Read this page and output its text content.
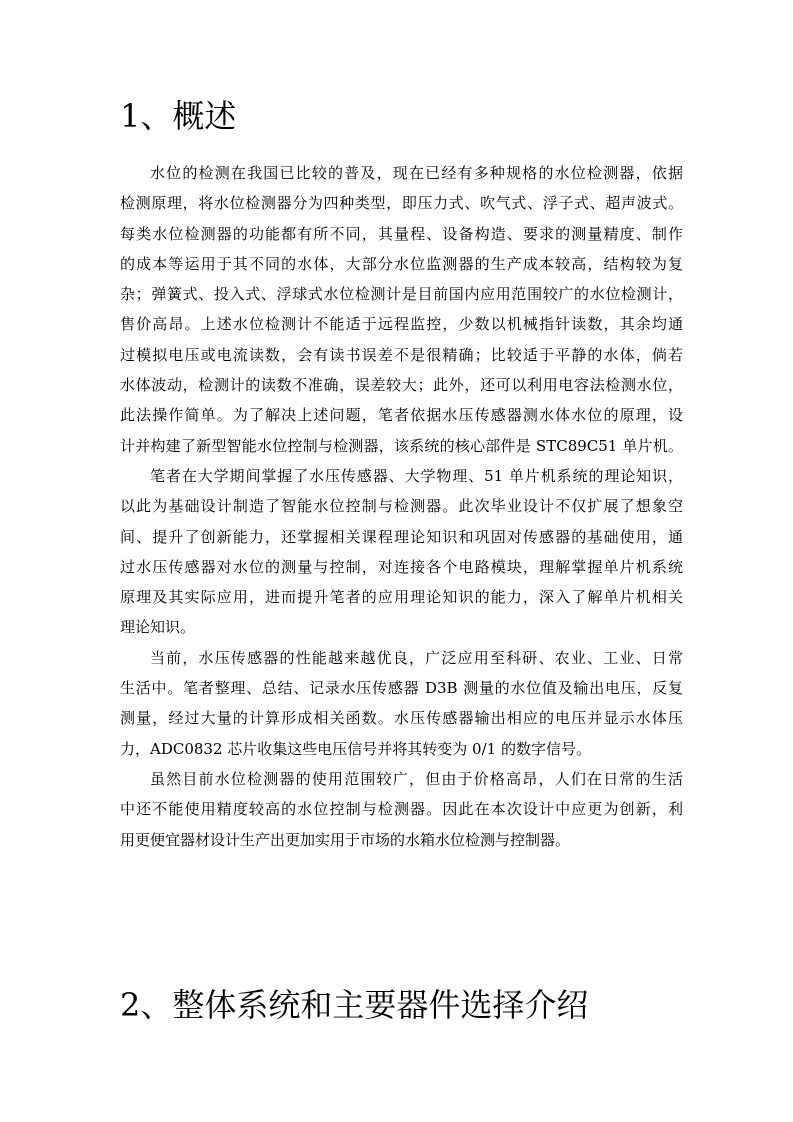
1、概述

水位的检测在我国已比较的普及，现在已经有多种规格的水位检测器，依据
检测原理，将水位检测器分为四种类型，即压力式、吹气式、浮子式、超声波式。
每类水位检测器的功能都有所不同，其量程、设备构造、要求的测量精度、制作
的成本等运用于其不同的水体，大部分水位监测器的生产成本较高，结构较为复
杂；弹簧式、投入式、浮球式水位检测计是目前国内应用范围较广的水位检测计，
售价高昂。上述水位检测计不能适于远程监控，少数以机械指针读数，其余均通
过模拟电压或电流读数，会有读书误差不是很精确；比较适于平静的水体，倘若
水体波动，检测计的读数不准确，误差较大；此外，还可以利用电容法检测水位，
此法操作简单。为了解决上述问题，笔者依据水压传感器测水体水位的原理，设
计并构建了新型智能水位控制与检测器，该系统的核心部件是 STC89C51 单片机。

笔者在大学期间掌握了水压传感器、大学物理、51 单片机系统的理论知识，
以此为基础设计制造了智能水位控制与检测器。此次毕业设计不仅扩展了想象空
间、提升了创新能力，还掌握相关课程理论知识和巩固对传感器的基础使用，通
过水压传感器对水位的测量与控制，对连接各个电路模块，理解掌握单片机系统
原理及其实际应用，进而提升笔者的应用理论知识的能力，深入了解单片机相关
理论知识。

当前，水压传感器的性能越来越优良，广泛应用至科研、农业、工业、日常
生活中。笔者整理、总结、记录水压传感器 D3B 测量的水位值及输出电压，反复
测量，经过大量的计算形成相关函数。水压传感器输出相应的电压并显示水体压
力，ADC0832 芯片收集这些电压信号并将其转变为 0/1 的数字信号。

虽然目前水位检测器的使用范围较广，但由于价格高昂，人们在日常的生活
中还不能使用精度较高的水位控制与检测器。因此在本次设计中应更为创新，利
用更便宜器材设计生产出更加实用于市场的水箱水位检测与控制器。

2、整体系统和主要器件选择介绍
